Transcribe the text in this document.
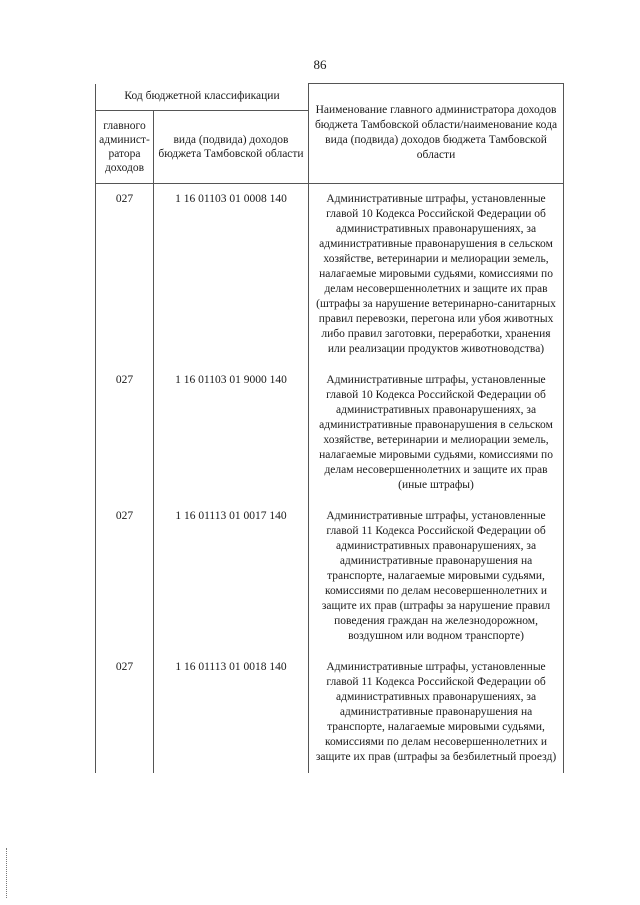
86
Код бюджетной классификации		Наименование главного администратора доходов бюджета Тамбовской области/наименование кода вида (подвида) доходов бюджета Тамбовской области
главного админист-ратора доходов	вида (подвида) доходов бюджета Тамбовской области	
027	1 16 01103 01 0008 140	Административные штрафы, установленные главой 10 Кодекса Российской Федерации об административных правонарушениях, за административные правонарушения в сельском хозяйстве, ветеринарии и мелиорации земель, налагаемые мировыми судьями, комиссиями по делам несовершеннолетних и защите их прав (штрафы за нарушение ветеринарно-санитарных правил перевозки, перегона или убоя животных либо правил заготовки, переработки, хранения или реализации продуктов животноводства)
027	1 16 01103 01 9000 140	Административные штрафы, установленные главой 10 Кодекса Российской Федерации об административных правонарушениях, за административные правонарушения в сельском хозяйстве, ветеринарии и мелиорации земель, налагаемые мировыми судьями, комиссиями по делам несовершеннолетних и защите их прав (иные штрафы)
027	1 16 01113 01 0017 140	Административные штрафы, установленные главой 11 Кодекса Российской Федерации об административных правонарушениях, за административные правонарушения на транспорте, налагаемые мировыми судьями, комиссиями по делам несовершеннолетних и защите их прав (штрафы за нарушение правил поведения граждан на железнодорожном, воздушном или водном транспорте)
027	1 16 01113 01 0018 140	Административные штрафы, установленные главой 11 Кодекса Российской Федерации об административных правонарушениях, за административные правонарушения на транспорте, налагаемые мировыми судьями, комиссиями по делам несовершеннолетних и защите их прав (штрафы за безбилетный проезд)
